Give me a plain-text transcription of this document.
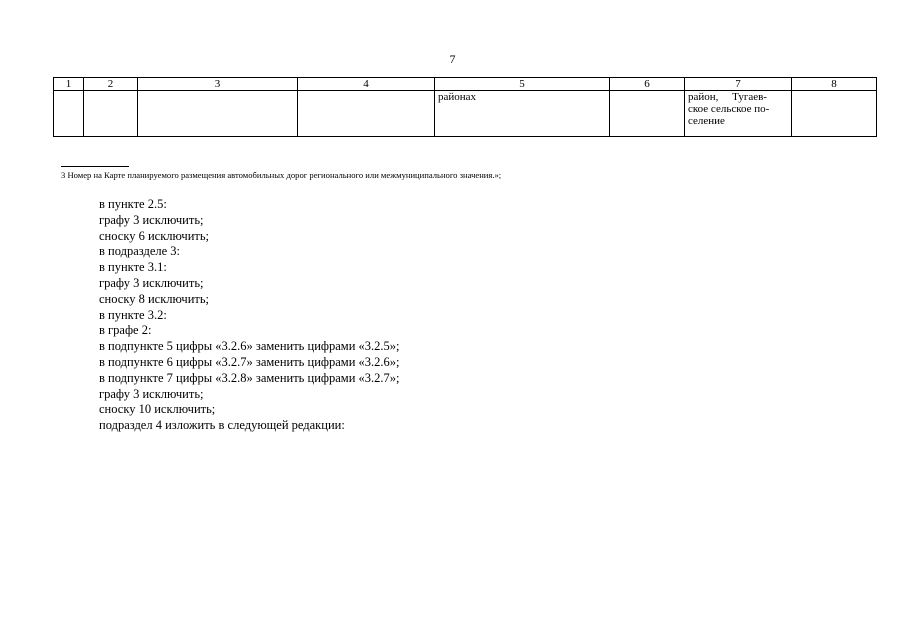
7
1	2	3	4	5	6	7	8
				районах		район,     Тугаев-
ское сельское по-
селение	
3 Номер на Карте планируемого размещения автомобильных дорог регионального или межмуниципального значения.»;
в пункте 2.5:
графу 3 исключить;
сноску 6 исключить;
в подразделе 3:
в пункте 3.1:
графу 3 исключить;
сноску 8 исключить;
в пункте 3.2:
в графе 2:
в подпункте 5 цифры «3.2.6» заменить цифрами «3.2.5»;
в подпункте 6 цифры «3.2.7» заменить цифрами «3.2.6»;
в подпункте 7 цифры «3.2.8» заменить цифрами «3.2.7»;
графу 3 исключить;
сноску 10 исключить;
подраздел 4 изложить в следующей редакции:
